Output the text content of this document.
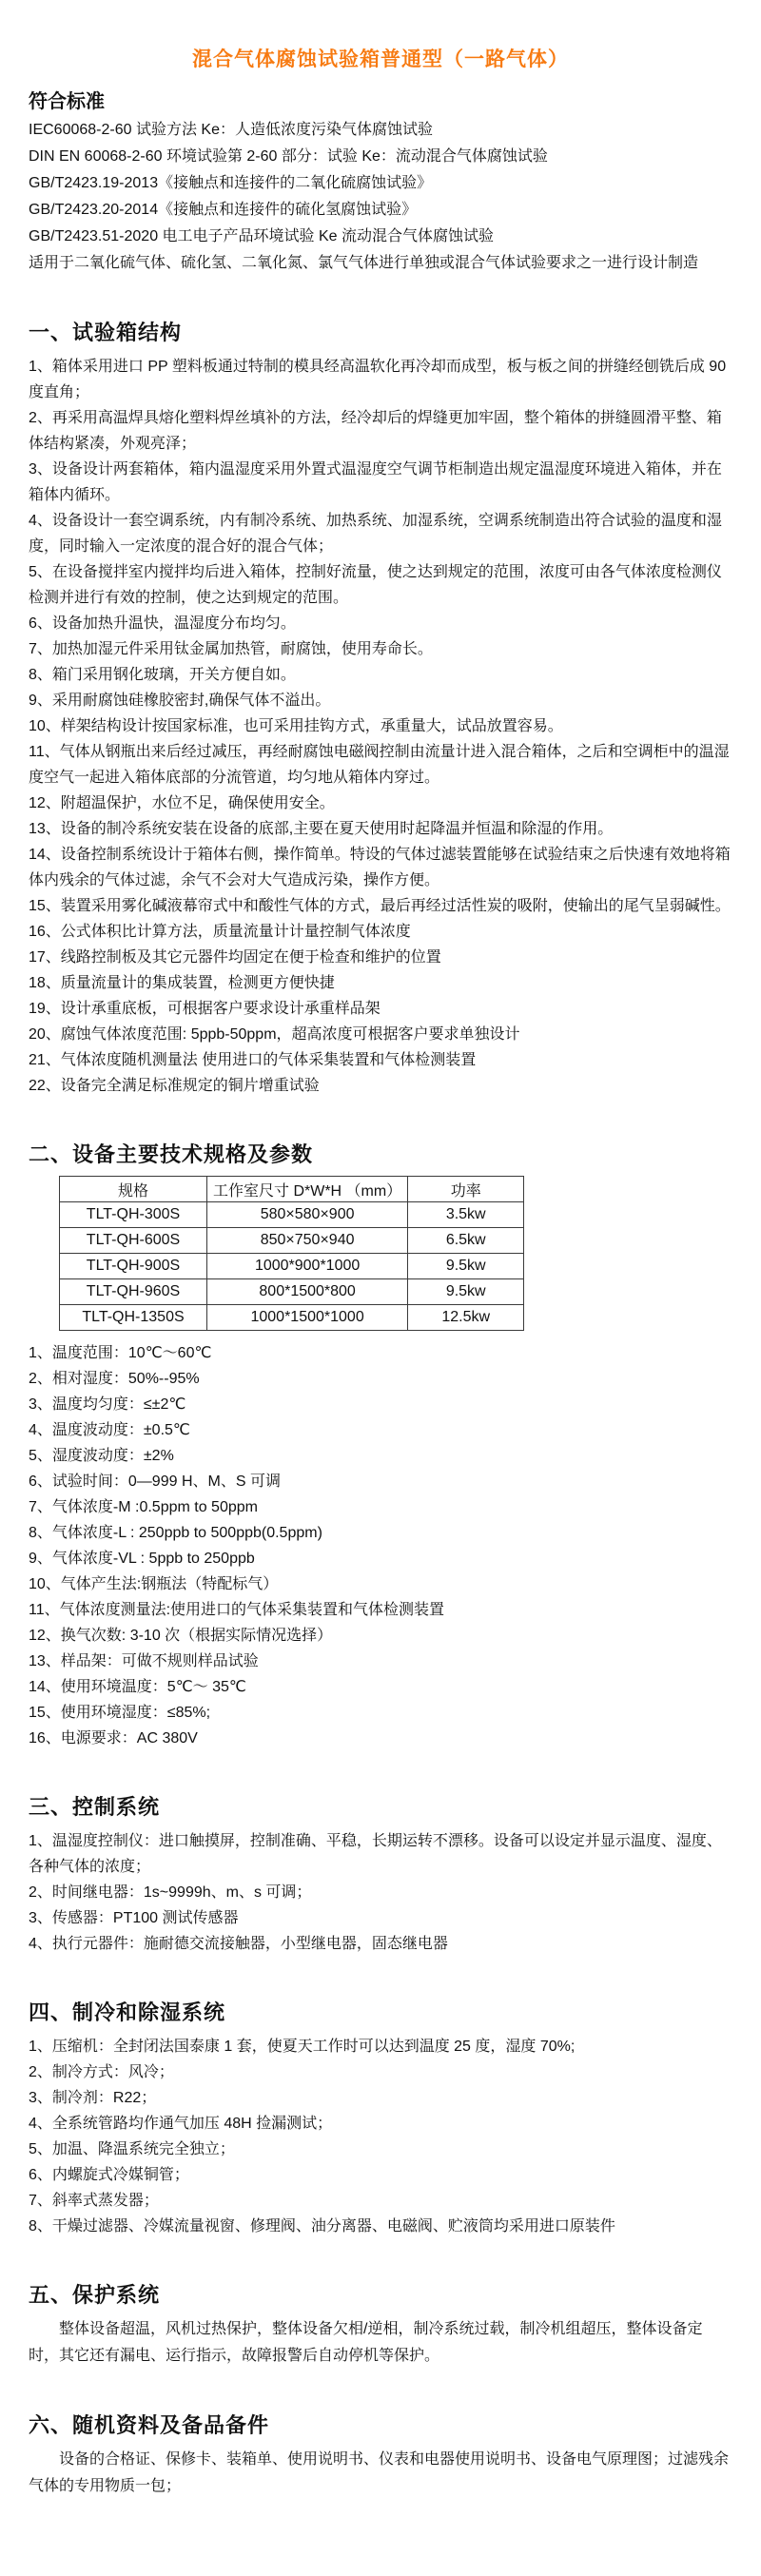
混合气体腐蚀试验箱普通型（一路气体）
符合标准
IEC60068-2-60 试验方法 Ke：人造低浓度污染气体腐蚀试验
DIN EN 60068-2-60 环境试验第 2-60 部分：试验 Ke：流动混合气体腐蚀试验
GB/T2423.19-2013《接触点和连接件的二氧化硫腐蚀试验》
GB/T2423.20-2014《接触点和连接件的硫化氢腐蚀试验》
GB/T2423.51-2020 电工电子产品环境试验 Ke 流动混合气体腐蚀试验
适用于二氧化硫气体、硫化氢、二氧化氮、氯气气体进行单独或混合气体试验要求之一进行设计制造
一、试验箱结构
1、箱体采用进口 PP 塑料板通过特制的模具经高温软化再冷却而成型，板与板之间的拼缝经刨铣后成 90 度直角；
2、再采用高温焊具熔化塑料焊丝填补的方法，经冷却后的焊缝更加牢固，整个箱体的拼缝圆滑平整、箱体结构紧凑，外观亮泽；
3、设备设计两套箱体，箱内温湿度采用外置式温湿度空气调节柜制造出规定温湿度环境进入箱体，并在箱体内循环。
4、设备设计一套空调系统，内有制冷系统、加热系统、加湿系统，空调系统制造出符合试验的温度和湿度，同时输入一定浓度的混合好的混合气体；
5、在设备搅拌室内搅拌均后进入箱体，控制好流量，使之达到规定的范围，浓度可由各气体浓度检测仪检测并进行有效的控制，使之达到规定的范围。
6、设备加热升温快，温湿度分布均匀。
7、加热加湿元件采用钛金属加热管，耐腐蚀，使用寿命长。
8、箱门采用钢化玻璃，开关方便自如。
9、采用耐腐蚀硅橡胶密封,确保气体不溢出。
10、样架结构设计按国家标准，也可采用挂钩方式，承重量大，试品放置容易。
11、气体从钢瓶出来后经过减压，再经耐腐蚀电磁阀控制由流量计进入混合箱体，之后和空调柜中的温湿度空气一起进入箱体底部的分流管道，均匀地从箱体内穿过。
12、附超温保护，水位不足，确保使用安全。
13、设备的制冷系统安装在设备的底部,主要在夏天使用时起降温并恒温和除湿的作用。
14、设备控制系统设计于箱体右侧，操作简单。特设的气体过滤装置能够在试验结束之后快速有效地将箱体内残余的气体过滤，余气不会对大气造成污染，操作方便。
15、装置采用雾化碱液幕帘式中和酸性气体的方式，最后再经过活性炭的吸附，使输出的尾气呈弱碱性。
16、公式体积比计算方法，质量流量计计量控制气体浓度
17、线路控制板及其它元器件均固定在便于检查和维护的位置
18、质量流量计的集成装置，检测更方便快捷
19、设计承重底板，可根据客户要求设计承重样品架
20、腐蚀气体浓度范围: 5ppb-50ppm，超高浓度可根据客户要求单独设计
21、气体浓度随机测量法 使用进口的气体采集装置和气体检测装置
22、设备完全满足标准规定的铜片增重试验
二、设备主要技术规格及参数
规格	工作室尺寸 D*W*H （mm）	功率
TLT-QH-300S	580×580×900	3.5kw
TLT-QH-600S	850×750×940	6.5kw
TLT-QH-900S	1000*900*1000	9.5kw
TLT-QH-960S	800*1500*800	9.5kw
TLT-QH-1350S	1000*1500*1000	12.5kw
1、温度范围：10℃～60℃
2、相对湿度：50%--95%
3、温度均匀度：≤±2℃
4、温度波动度：±0.5℃
5、湿度波动度：±2%
6、试验时间：0—999 H、M、S 可调
7、气体浓度-M :0.5ppm to 50ppm
8、气体浓度-L : 250ppb to 500ppb(0.5ppm)
9、气体浓度-VL : 5ppb to 250ppb
10、气体产生法:钢瓶法（特配标气）
11、气体浓度测量法:使用进口的气体采集装置和气体检测装置
12、换气次数: 3-10 次（根据实际情况选择）
13、样品架：可做不规则样品试验
14、使用环境温度：5℃～ 35℃
15、使用环境湿度：≤85%;
16、电源要求：AC 380V
三、控制系统
1、温湿度控制仪：进口触摸屏，控制准确、平稳，长期运转不漂移。设备可以设定并显示温度、湿度、各种气体的浓度；
2、时间继电器：1s~9999h、m、s 可调；
3、传感器：PT100 测试传感器
4、执行元器件：施耐德交流接触器，小型继电器，固态继电器
四、制冷和除湿系统
1、压缩机：全封闭法国泰康 1 套，使夏天工作时可以达到温度 25 度，湿度 70%;
2、制冷方式：风冷；
3、制冷剂：R22；
4、全系统管路均作通气加压 48H 捡漏测试；
5、加温、降温系统完全独立；
6、内螺旋式冷媒铜管；
7、斜率式蒸发器；
8、干燥过滤器、冷媒流量视窗、修理阀、油分离器、电磁阀、贮液筒均采用进口原装件
五、保护系统
整体设备超温，风机过热保护，整体设备欠相/逆相，制冷系统过载，制冷机组超压，整体设备定时，其它还有漏电、运行指示，故障报警后自动停机等保护。
六、随机资料及备品备件
设备的合格证、保修卡、装箱单、使用说明书、仪表和电器使用说明书、设备电气原理图；过滤残余气体的专用物质一包；
